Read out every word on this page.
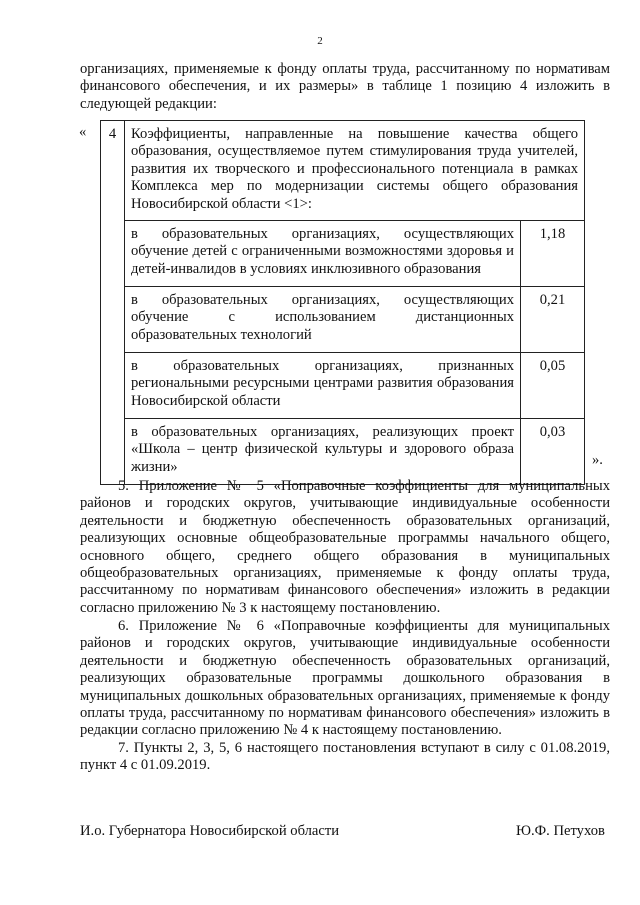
2
организациях, применяемые к фонду оплаты труда, рассчитанному по нормативам финансового обеспечения, и их размеры» в таблице 1 позицию 4 изложить в следующей редакции:
« 4	Коэффициенты, направленные на повышение качества общего образования, осуществляемое путем стимулирования труда учителей, развития их творческого и профессионального потенциала в рамках Комплекса мер по модернизации системы общего образования Новосибирской области <1>:	
	в образовательных организациях, осуществляющих обучение детей с ограниченными возможностями здоровья и детей-инвалидов в условиях инклюзивного образования	1,18
	в образовательных организациях, осуществляющих обучение с использованием дистанционных образовательных технологий	0,21
	в образовательных организациях, признанных региональными ресурсными центрами развития образования Новосибирской области	0,05
	в образовательных организациях, реализующих проект «Школа – центр физической культуры и здорового образа жизни»	0,03
».
5. Приложение № 5 «Поправочные коэффициенты для муниципальных районов и городских округов, учитывающие индивидуальные особенности деятельности и бюджетную обеспеченность образовательных организаций, реализующих основные общеобразовательные программы начального общего, основного общего, среднего общего образования в муниципальных общеобразовательных организациях, применяемые к фонду оплаты труда, рассчитанному по нормативам финансового обеспечения» изложить в редакции согласно приложению № 3 к настоящему постановлению.
6. Приложение № 6 «Поправочные коэффициенты для муниципальных районов и городских округов, учитывающие индивидуальные особенности деятельности и бюджетную обеспеченность образовательных организаций, реализующих образовательные программы дошкольного образования в муниципальных дошкольных образовательных организациях, применяемые к фонду оплаты труда, рассчитанному по нормативам финансового обеспечения» изложить в редакции согласно приложению № 4 к настоящему постановлению.
7. Пункты 2, 3, 5, 6 настоящего постановления вступают в силу с 01.08.2019, пункт 4 с 01.09.2019.
И.о. Губернатора Новосибирской области	Ю.Ф. Петухов
